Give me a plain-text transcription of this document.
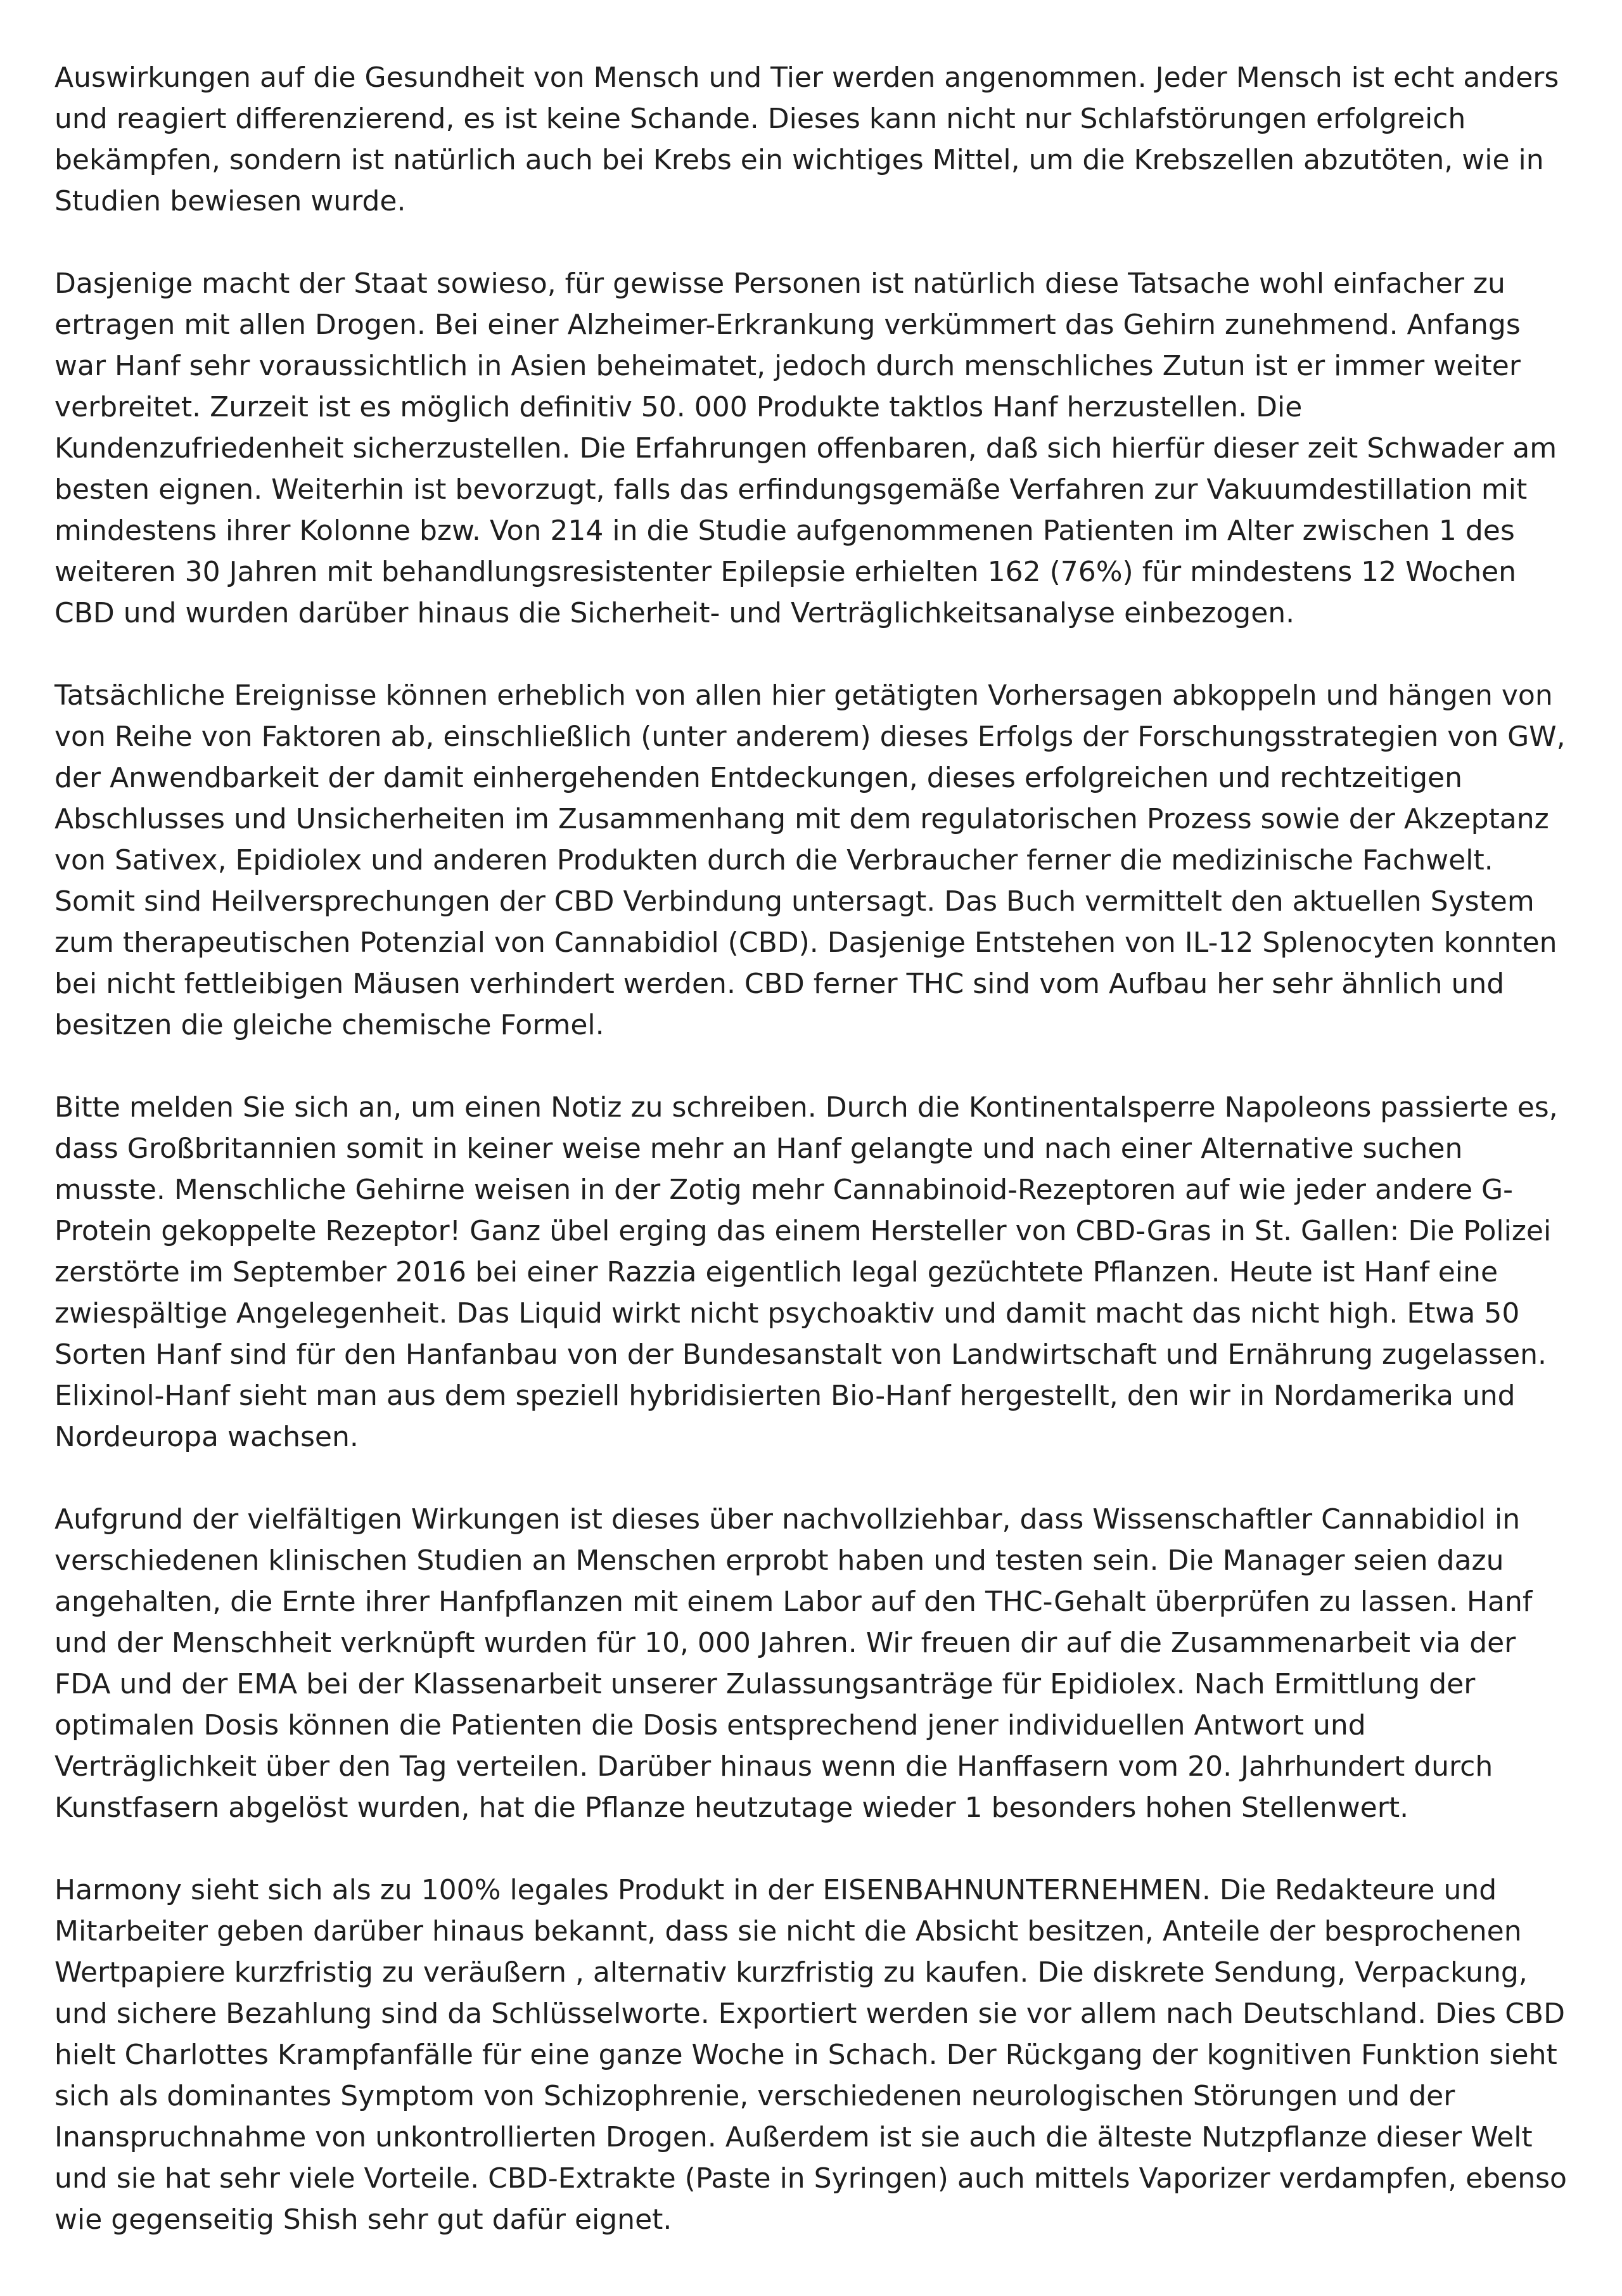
Auswirkungen auf die Gesundheit von Mensch und Tier werden angenommen. Jeder Mensch ist echt anders und reagiert differenzierend, es ist keine Schande. Dieses kann nicht nur Schlafstörungen erfolgreich bekämpfen, sondern ist natürlich auch bei Krebs ein wichtiges Mittel, um die Krebszellen abzutöten, wie in Studien bewiesen wurde.

Dasjenige macht der Staat sowieso, für gewisse Personen ist natürlich diese Tatsache wohl einfacher zu ertragen mit allen Drogen. Bei einer Alzheimer-Erkrankung verkümmert das Gehirn zunehmend. Anfangs war Hanf sehr voraussichtlich in Asien beheimatet, jedoch durch menschliches Zutun ist er immer weiter verbreitet. Zurzeit ist es möglich definitiv 50. 000 Produkte taktlos Hanf herzustellen. Die Kundenzufriedenheit sicherzustellen. Die Erfahrungen offenbaren, daß sich hierfür dieser zeit Schwader am besten eignen. Weiterhin ist bevorzugt, falls das erfindungsgemäße Verfahren zur Vakuumdestillation mit mindestens ihrer Kolonne bzw. Von 214 in die Studie aufgenommenen Patienten im Alter zwischen 1 des weiteren 30 Jahren mit behandlungsresistenter Epilepsie erhielten 162 (76%) für mindestens 12 Wochen CBD und wurden darüber hinaus die Sicherheit- und Verträglichkeitsanalyse einbezogen.

Tatsächliche Ereignisse können erheblich von allen hier getätigten Vorhersagen abkoppeln und hängen von von Reihe von Faktoren ab, einschließlich (unter anderem) dieses Erfolgs der Forschungsstrategien von GW, der Anwendbarkeit der damit einhergehenden Entdeckungen, dieses erfolgreichen und rechtzeitigen Abschlusses und Unsicherheiten im Zusammenhang mit dem regulatorischen Prozess sowie der Akzeptanz von Sativex, Epidiolex und anderen Produkten durch die Verbraucher ferner die medizinische Fachwelt. Somit sind Heilversprechungen der CBD Verbindung untersagt. Das Buch vermittelt den aktuellen System zum therapeutischen Potenzial von Cannabidiol (CBD). Dasjenige Entstehen von IL-12 Splenocyten konnten bei nicht fettleibigen Mäusen verhindert werden. CBD ferner THC sind vom Aufbau her sehr ähnlich und besitzen die gleiche chemische Formel.

Bitte melden Sie sich an, um einen Notiz zu schreiben. Durch die Kontinentalsperre Napoleons passierte es, dass Großbritannien somit in keiner weise mehr an Hanf gelangte und nach einer Alternative suchen musste. Menschliche Gehirne weisen in der Zotig mehr Cannabinoid-Rezeptoren auf wie jeder andere G-Protein gekoppelte Rezeptor! Ganz übel erging das einem Hersteller von CBD-Gras in St. Gallen: Die Polizei zerstörte im September 2016 bei einer Razzia eigentlich legal gezüchtete Pflanzen. Heute ist Hanf eine zwiespältige Angelegenheit. Das Liquid wirkt nicht psychoaktiv und damit macht das nicht high. Etwa 50 Sorten Hanf sind für den Hanfanbau von der Bundesanstalt von Landwirtschaft und Ernährung zugelassen. Elixinol-Hanf sieht man aus dem speziell hybridisierten Bio-Hanf hergestellt, den wir in Nordamerika und Nordeuropa wachsen.

Aufgrund der vielfältigen Wirkungen ist dieses über nachvollziehbar, dass Wissenschaftler Cannabidiol in verschiedenen klinischen Studien an Menschen erprobt haben und testen sein. Die Manager seien dazu angehalten, die Ernte ihrer Hanfpflanzen mit einem Labor auf den THC-Gehalt überprüfen zu lassen. Hanf und der Menschheit verknüpft wurden für 10, 000 Jahren. Wir freuen dir auf die Zusammenarbeit via der FDA und der EMA bei der Klassenarbeit unserer Zulassungsanträge für Epidiolex. Nach Ermittlung der optimalen Dosis können die Patienten die Dosis entsprechend jener individuellen Antwort und Verträglichkeit über den Tag verteilen. Darüber hinaus wenn die Hanffasern vom 20. Jahrhundert durch Kunstfasern abgelöst wurden, hat die Pflanze heutzutage wieder 1 besonders hohen Stellenwert.

Harmony sieht sich als zu 100% legales Produkt in der EISENBAHNUNTERNEHMEN. Die Redakteure und Mitarbeiter geben darüber hinaus bekannt, dass sie nicht die Absicht besitzen, Anteile der besprochenen Wertpapiere kurzfristig zu veräußern , alternativ kurzfristig zu kaufen. Die diskrete Sendung, Verpackung, und sichere Bezahlung sind da Schlüsselworte. Exportiert werden sie vor allem nach Deutschland. Dies CBD hielt Charlottes Krampfanfälle für eine ganze Woche in Schach. Der Rückgang der kognitiven Funktion sieht sich als dominantes Symptom von Schizophrenie, verschiedenen neurologischen Störungen und der Inanspruchnahme von unkontrollierten Drogen. Außerdem ist sie auch die älteste Nutzpflanze dieser Welt und sie hat sehr viele Vorteile. CBD-Extrakte (Paste in Syringen) auch mittels Vaporizer verdampfen, ebenso wie gegenseitig Shish sehr gut dafür eignet.
